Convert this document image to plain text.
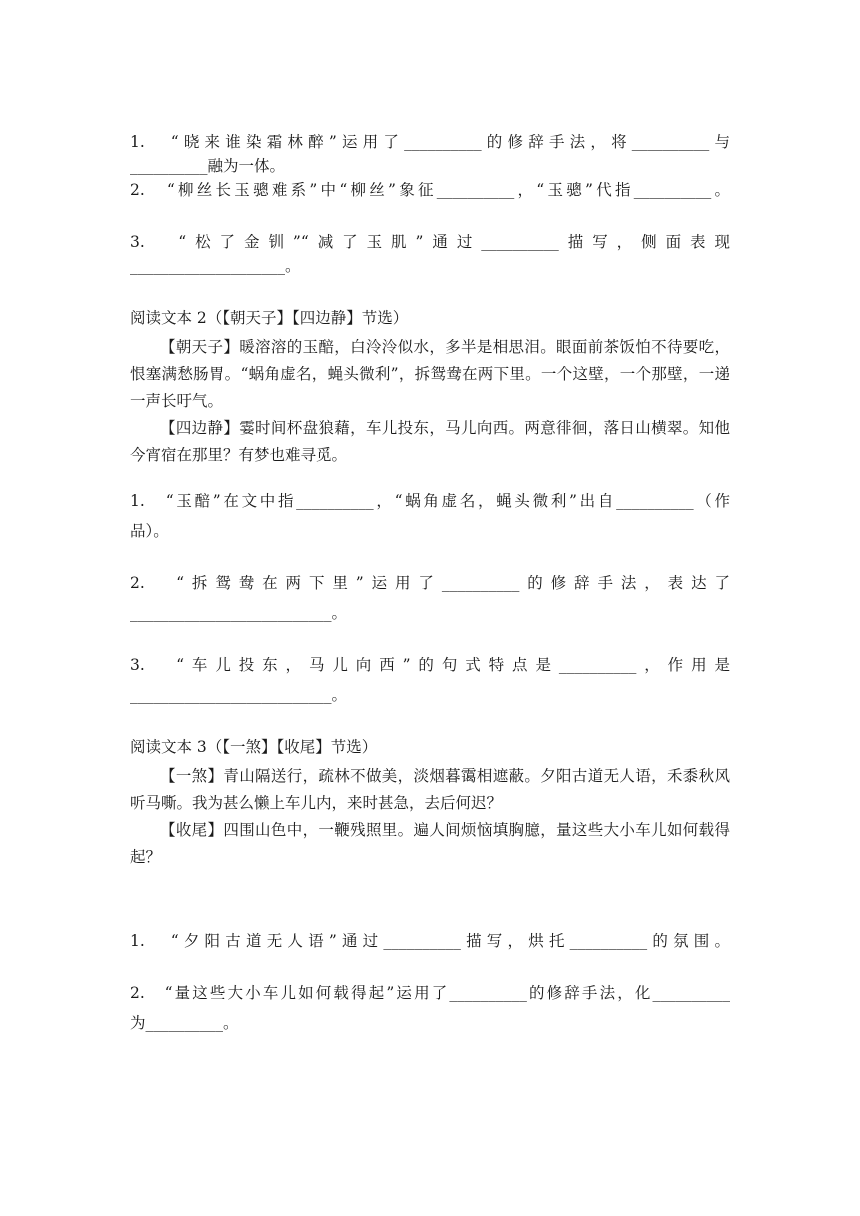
1.　“晓来谁染霜林醉”运用了__________的修辞手法，将__________与
__________融为一体。
2.　“柳丝长玉骢难系”中“柳丝”象征__________，“玉骢”代指__________。
3.　“松了金钏”“减了玉肌”通过__________描写，侧面表现
____________________。
阅读文本 2（【朝天子】【四边静】节选）
【朝天子】暖溶溶的玉醅，白泠泠似水，多半是相思泪。眼面前茶饭怕不待要吃，恨塞满愁肠胃。“蜗角虚名，蝇头微利”，拆鸳鸯在两下里。一个这壁，一个那壁，一递一声长吁气。
【四边静】霎时间杯盘狼藉，车儿投东，马儿向西。两意徘徊，落日山横翠。知他今宵宿在那里？有梦也难寻觅。
1.　“玉醅”在文中指__________，“蜗角虚名，蝇头微利”出自__________（作
品）。
2.　“拆鸳鸯在两下里”运用了__________的修辞手法，表达了
__________________________。
3.　“车儿投东，马儿向西”的句式特点是__________，作用是
__________________________。
阅读文本 3（【一煞】【收尾】节选）
【一煞】青山隔送行，疏林不做美，淡烟暮霭相遮蔽。夕阳古道无人语，禾黍秋风听马嘶。我为甚么懒上车儿内，来时甚急，去后何迟？
【收尾】四围山色中，一鞭残照里。遍人间烦恼填胸臆，量这些大小车儿如何载得起？
1.　“夕阳古道无人语”通过__________描写，烘托__________的氛围。
2.　“量这些大小车儿如何载得起”运用了__________的修辞手法，化__________
为__________。
